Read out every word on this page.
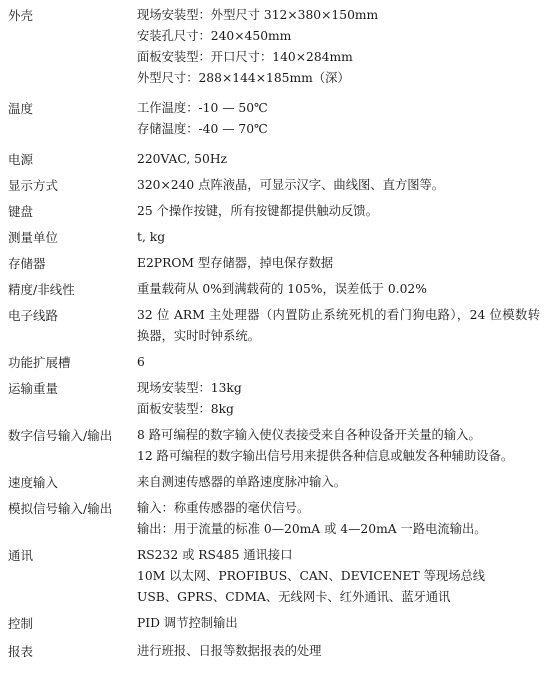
外壳	现场安装型：外型尺寸 312×380×150mm
安装孔尺寸：240×450mm
面板安装型：开口尺寸：140×284mm
外型尺寸：288×144×185mm（深）
温度	工作温度：-10 — 50℃
存储温度：-40 — 70℃
电源	220VAC, 50Hz
显示方式	320×240 点阵液晶，可显示汉字、曲线图、直方图等。
键盘	25 个操作按键，所有按键都提供触动反馈。
测量单位	t, kg
存储器	E2PROM 型存储器，掉电保存数据
精度/非线性	重量载荷从 0%到满载荷的 105%，误差低于 0.02%
电子线路	32 位 ARM 主处理器（内置防止系统死机的看门狗电路），24 位模数转换器，实时时钟系统。
功能扩展槽	6
运输重量	现场安装型：13kg
面板安装型：8kg
数字信号输入/输出	8 路可编程的数字输入使仪表接受来自各种设备开关量的输入。
12 路可编程的数字输出信号用来提供各种信息或触发各种辅助设备。
速度输入	来自测速传感器的单路速度脉冲输入。
模拟信号输入/输出	输入：称重传感器的毫伏信号。
输出：用于流量的标准 0—20mA 或 4—20mA 一路电流输出。
通讯	RS232 或 RS485 通讯接口
10M 以太网、PROFIBUS、CAN、DEVICENET 等现场总线
USB、GPRS、CDMA、无线网卡、红外通讯、蓝牙通讯
控制	PID 调节控制输出
报表	进行班报、日报等数据报表的处理
